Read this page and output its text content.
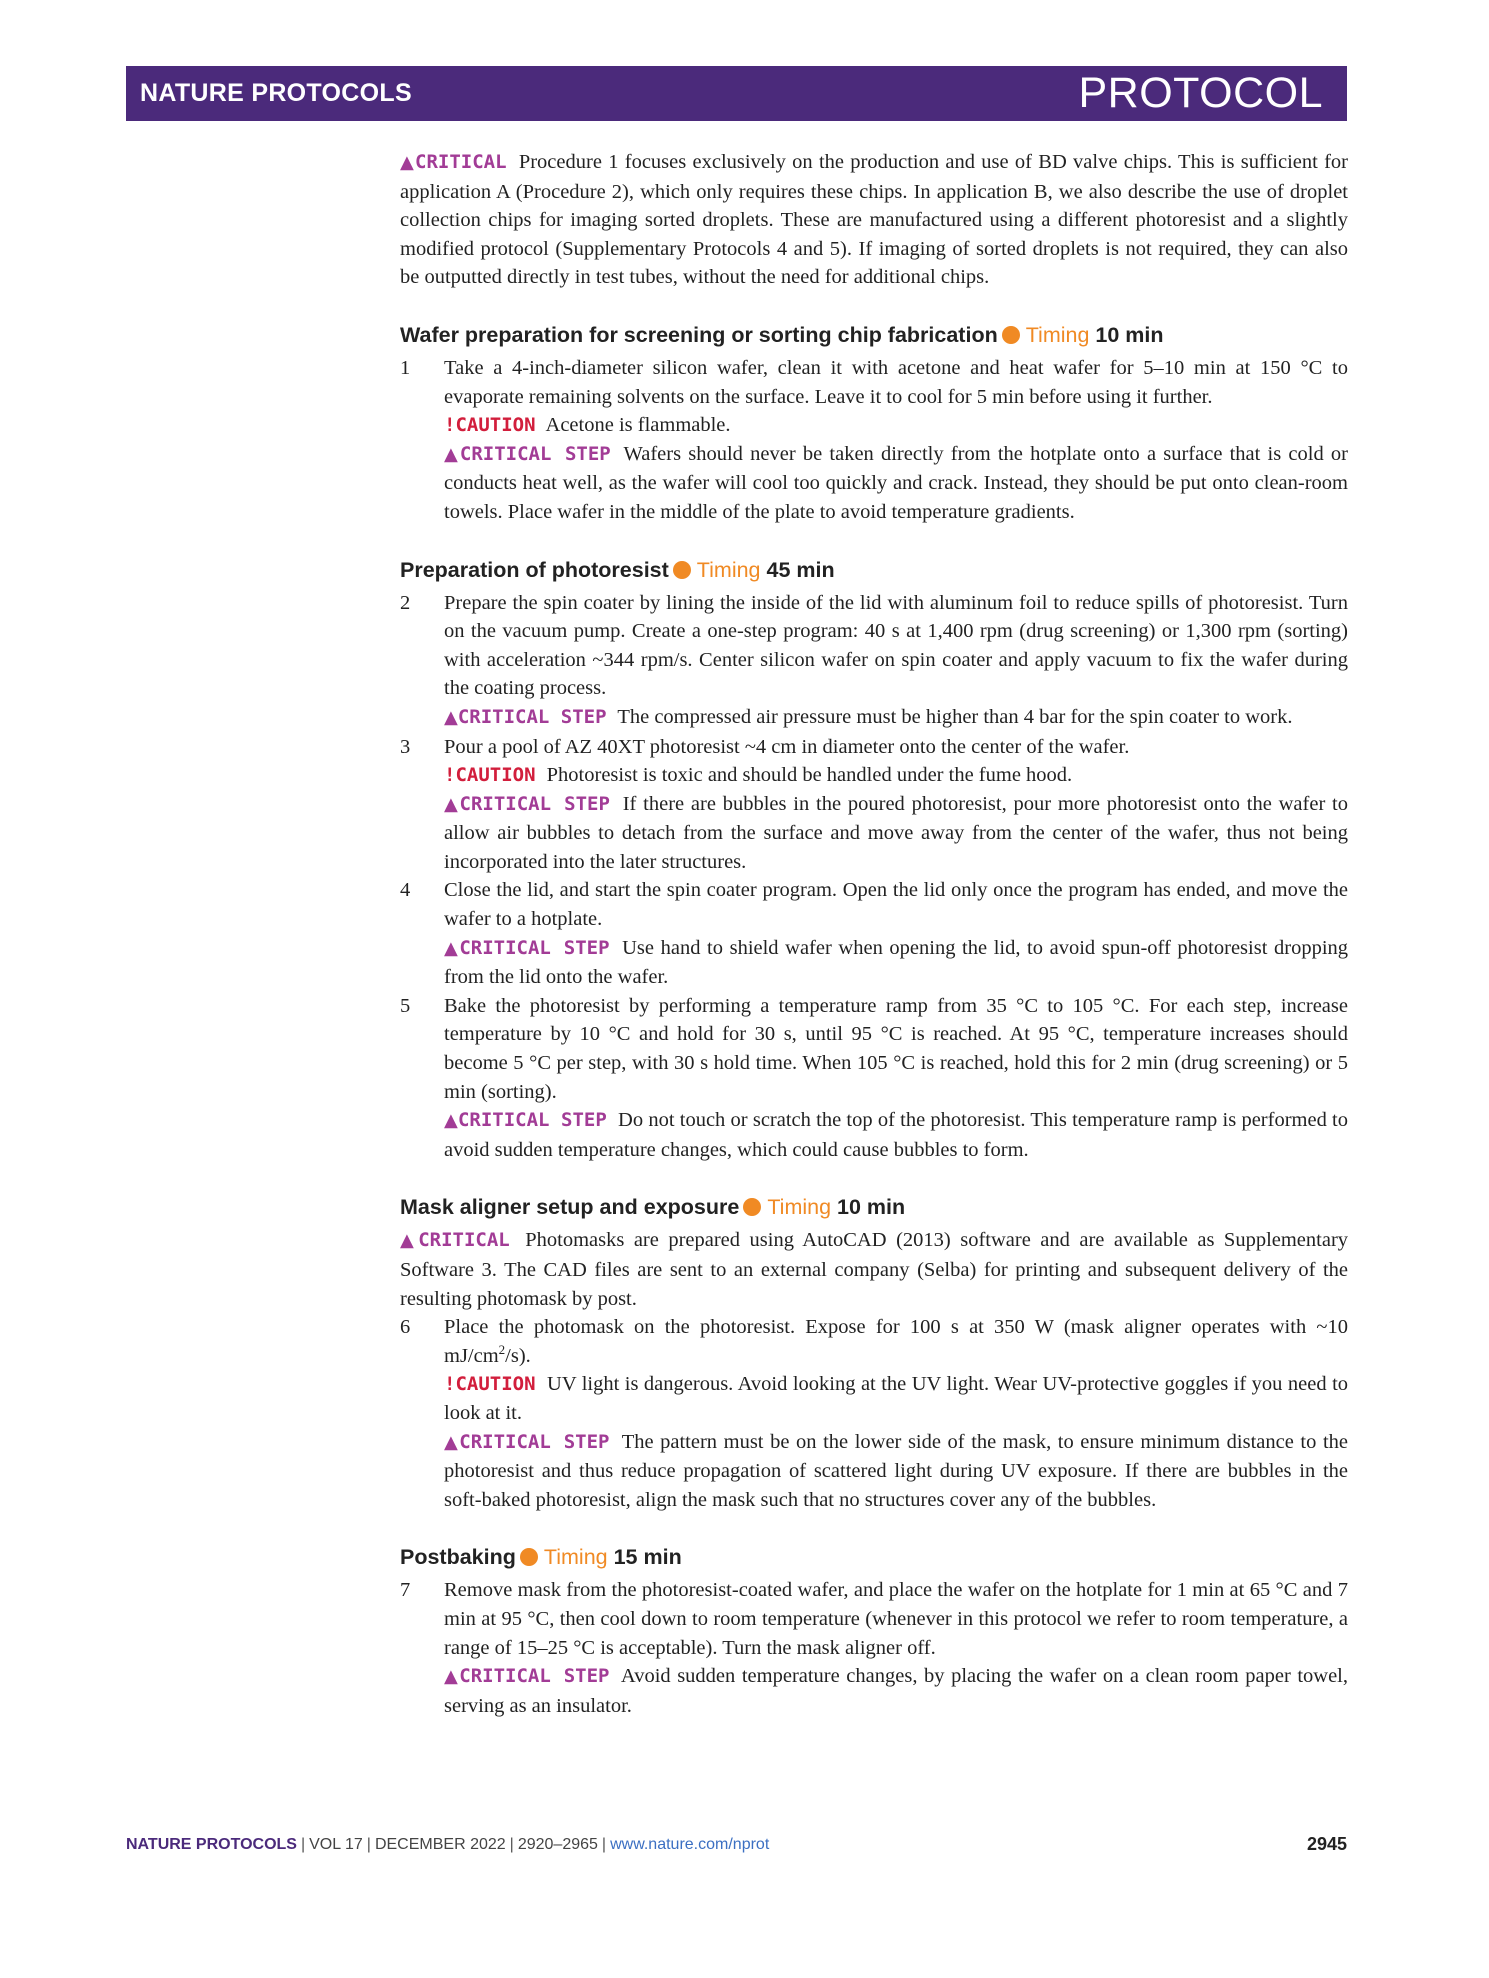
NATURE PROTOCOLS	PROTOCOL

▲CRITICAL Procedure 1 focuses exclusively on the production and use of BD valve chips. This is sufficient for application A (Procedure 2), which only requires these chips. In application B, we also describe the use of droplet collection chips for imaging sorted droplets. These are manufactured using a different photoresist and a slightly modified protocol (Supplementary Protocols 4 and 5). If imaging of sorted droplets is not required, they can also be outputted directly in test tubes, without the need for additional chips.

Wafer preparation for screening or sorting chip fabrication Timing 10 min
1 Take a 4-inch-diameter silicon wafer, clean it with acetone and heat wafer for 5–10 min at 150 °C to evaporate remaining solvents on the surface. Leave it to cool for 5 min before using it further.

!CAUTION Acetone is flammable.

▲CRITICAL STEP Wafers should never be taken directly from the hotplate onto a surface that is cold or conducts heat well, as the wafer will cool too quickly and crack. Instead, they should be put onto clean-room towels. Place wafer in the middle of the plate to avoid temperature gradients.

Preparation of photoresist Timing 45 min
2 Prepare the spin coater by lining the inside of the lid with aluminum foil to reduce spills of photoresist. Turn on the vacuum pump. Create a one-step program: 40 s at 1,400 rpm (drug screening) or 1,300 rpm (sorting) with acceleration ~344 rpm/s. Center silicon wafer on spin coater and apply vacuum to fix the wafer during the coating process.

▲CRITICAL STEP The compressed air pressure must be higher than 4 bar for the spin coater to work.

3 Pour a pool of AZ 40XT photoresist ~4 cm in diameter onto the center of the wafer.

!CAUTION Photoresist is toxic and should be handled under the fume hood.

▲CRITICAL STEP If there are bubbles in the poured photoresist, pour more photoresist onto the wafer to allow air bubbles to detach from the surface and move away from the center of the wafer, thus not being incorporated into the later structures.

4 Close the lid, and start the spin coater program. Open the lid only once the program has ended, and move the wafer to a hotplate.

▲CRITICAL STEP Use hand to shield wafer when opening the lid, to avoid spun-off photoresist dropping from the lid onto the wafer.

5 Bake the photoresist by performing a temperature ramp from 35 °C to 105 °C. For each step, increase temperature by 10 °C and hold for 30 s, until 95 °C is reached. At 95 °C, temperature increases should become 5 °C per step, with 30 s hold time. When 105 °C is reached, hold this for 2 min (drug screening) or 5 min (sorting).

▲CRITICAL STEP Do not touch or scratch the top of the photoresist. This temperature ramp is performed to avoid sudden temperature changes, which could cause bubbles to form.

Mask aligner setup and exposure Timing 10 min

▲CRITICAL Photomasks are prepared using AutoCAD (2013) software and are available as Supplementary Software 3. The CAD files are sent to an external company (Selba) for printing and subsequent delivery of the resulting photomask by post.

6 Place the photomask on the photoresist. Expose for 100 s at 350 W (mask aligner operates with ~10 $mJ/cm^2/s$).

!CAUTION UV light is dangerous. Avoid looking at the UV light. Wear UV-protective goggles if you need to look at it.

▲CRITICAL STEP The pattern must be on the lower side of the mask, to ensure minimum distance to the photoresist and thus reduce propagation of scattered light during UV exposure. If there are bubbles in the soft-baked photoresist, align the mask such that no structures cover any of the bubbles.

Postbaking Timing 15 min
7 Remove mask from the photoresist-coated wafer, and place the wafer on the hotplate for 1 min at 65 °C and 7 min at 95 °C, then cool down to room temperature (whenever in this protocol we refer to room temperature, a range of 15–25 °C is acceptable). Turn the mask aligner off.

▲CRITICAL STEP Avoid sudden temperature changes, by placing the wafer on a clean room paper towel, serving as an insulator.

NATURE PROTOCOLS | VOL 17 | DECEMBER 2022 | 2920–2965 | www.nature.com/nprot	2945
